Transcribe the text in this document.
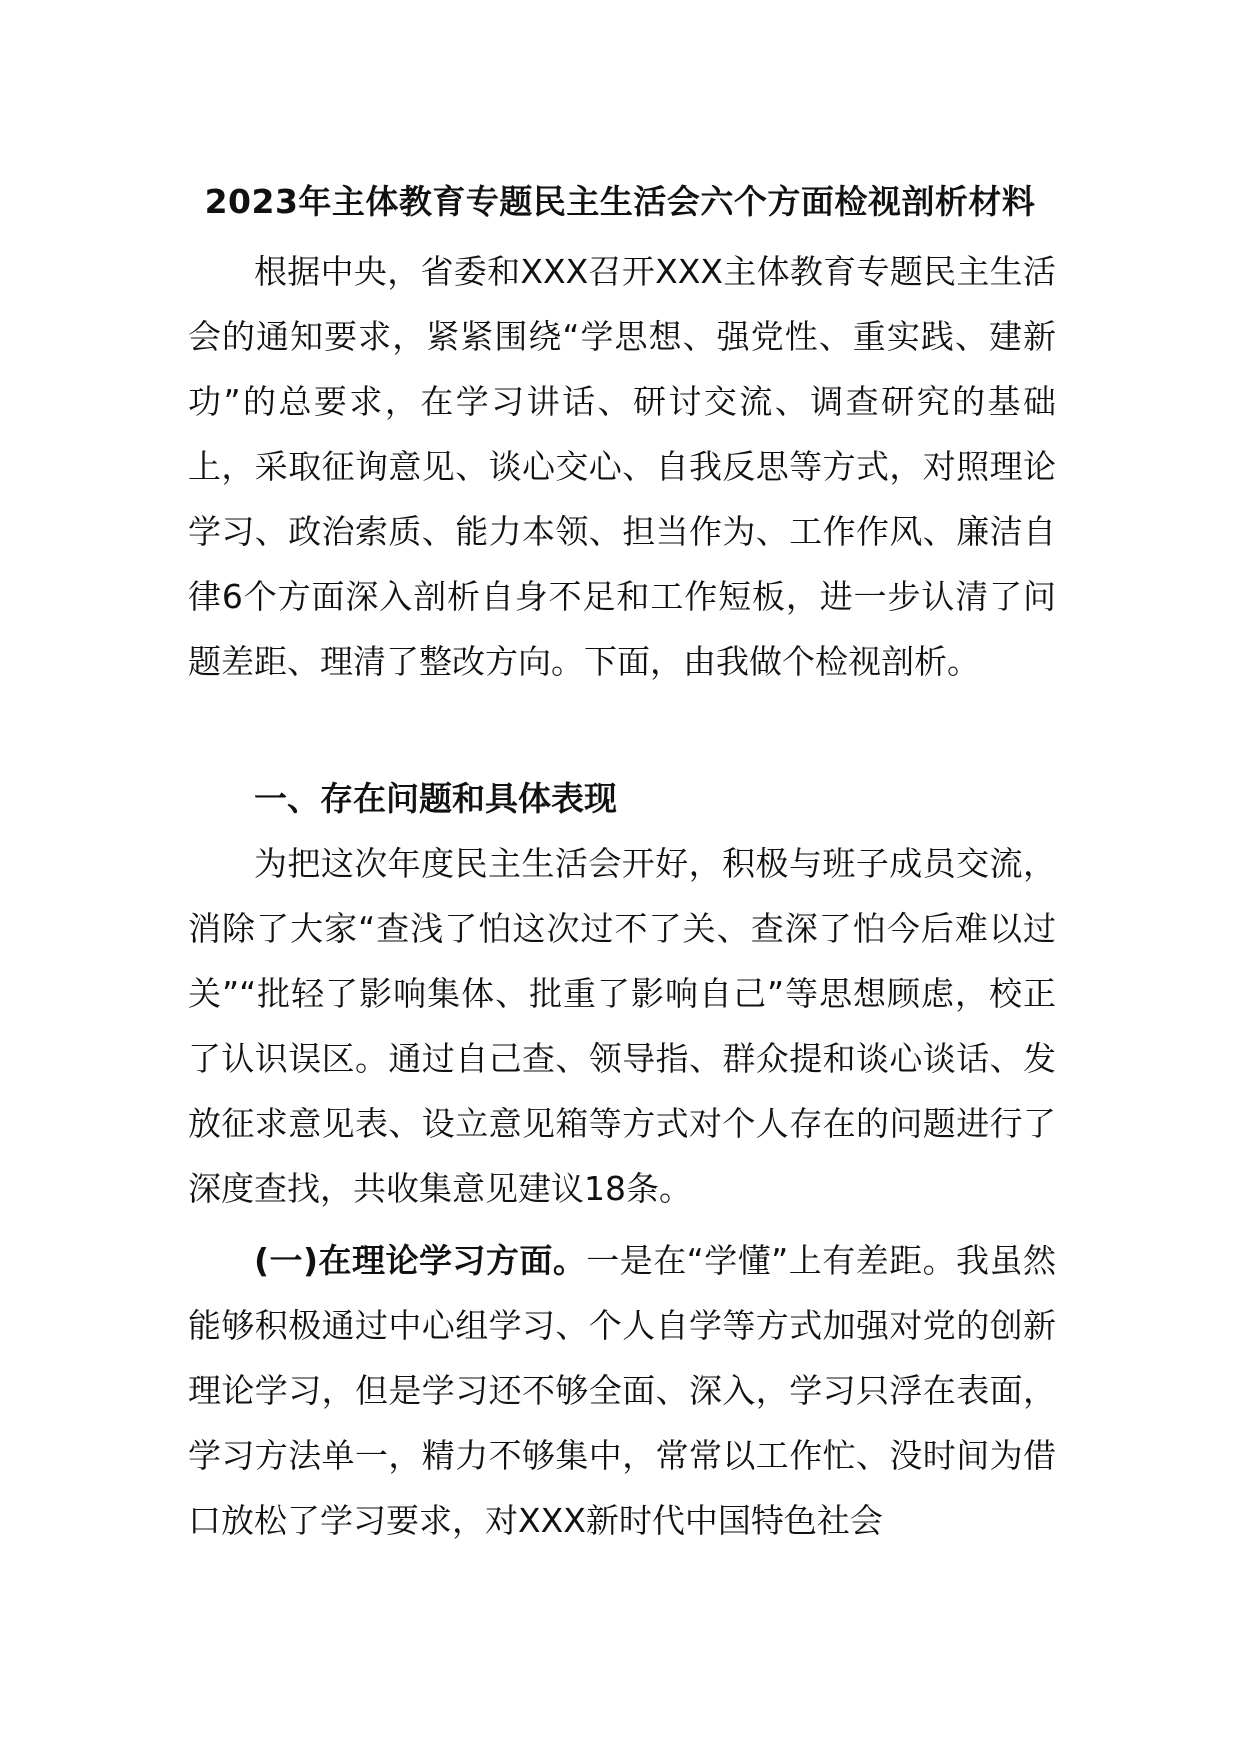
2023年主体教育专题民主生活会六个方面检视剖析材料

根据中央，省委和XXX召开XXX主体教育专题民主生活会的通知要求，紧紧围绕“学思想、强党性、重实践、建新功”的总要求，在学习讲话、研讨交流、调查研究的基础上，采取征询意见、谈心交心、自我反思等方式，对照理论学习、政治索质、能力本领、担当作为、工作作风、廉洁自律6个方面深入剖析自身不足和工作短板，进一步认清了问题差距、理清了整改方向。下面，由我做个检视剖析。

一、存在问题和具体表现

为把这次年度民主生活会开好，积极与班子成员交流，消除了大家“查浅了怕这次过不了关、查深了怕今后难以过关”“批轻了影响集体、批重了影响自己”等思想顾虑，校正了认识误区。通过自己查、领导指、群众提和谈心谈话、发放征求意见表、设立意见箱等方式对个人存在的问题进行了深度查找，共收集意见建议18条。

(一)在理论学习方面。一是在“学懂”上有差距。我虽然能够积极通过中心组学习、个人自学等方式加强对党的创新理论学习，但是学习还不够全面、深入，学习只浮在表面，学习方法单一，精力不够集中，常常以工作忙、没时间为借口放松了学习要求，对XXX新时代中国特色社会
